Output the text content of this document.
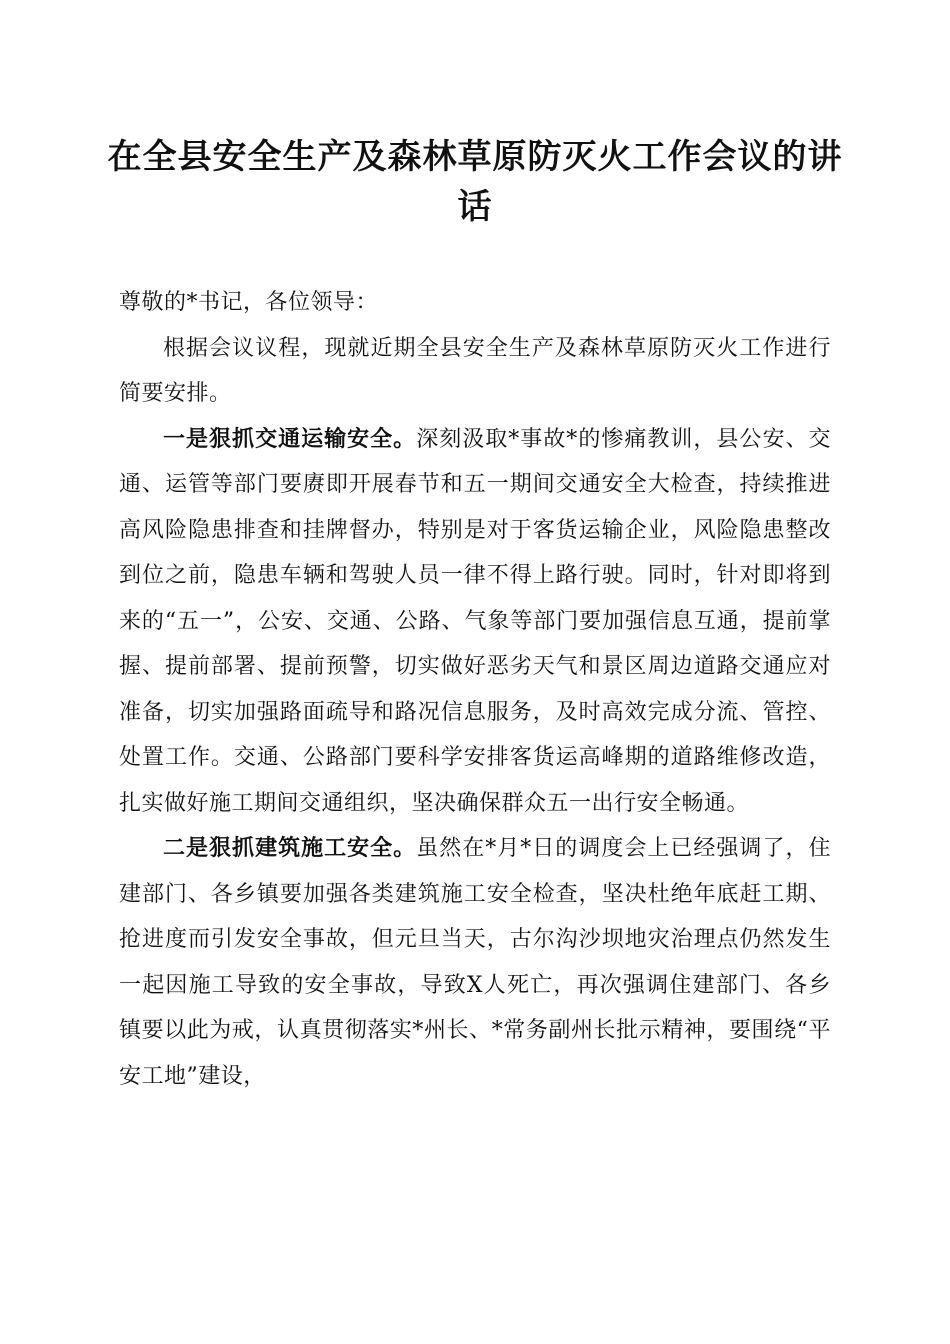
在全县安全生产及森林草原防灭火工作会议的讲话

尊敬的*书记，各位领导：

根据会议议程，现就近期全县安全生产及森林草原防灭火工作进行简要安排。

一是狠抓交通运输安全。深刻汲取*事故*的惨痛教训，县公安、交通、运管等部门要赓即开展春节和五一期间交通安全大检查，持续推进高风险隐患排查和挂牌督办，特别是对于客货运输企业，风险隐患整改到位之前，隐患车辆和驾驶人员一律不得上路行驶。同时，针对即将到来的“五一”，公安、交通、公路、气象等部门要加强信息互通，提前掌握、提前部署、提前预警，切实做好恶劣天气和景区周边道路交通应对准备，切实加强路面疏导和路况信息服务，及时高效完成分流、管控、处置工作。交通、公路部门要科学安排客货运高峰期的道路维修改造，扎实做好施工期间交通组织，坚决确保群众五一出行安全畅通。

二是狠抓建筑施工安全。虽然在*月*日的调度会上已经强调了，住建部门、各乡镇要加强各类建筑施工安全检查，坚决杜绝年底赶工期、抢进度而引发安全事故，但元旦当天，古尔沟沙坝地灾治理点仍然发生一起因施工导致的安全事故，导致X人死亡，再次强调住建部门、各乡镇要以此为戒，认真贯彻落实*州长、*常务副州长批示精神，要围绕“平安工地”建设，
